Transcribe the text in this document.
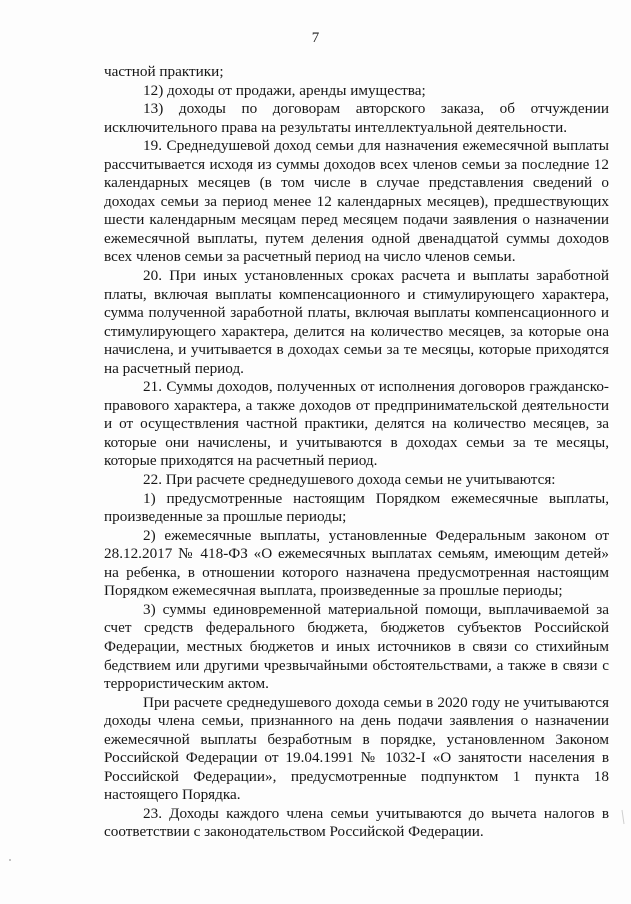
7

частной практики;

12) доходы от продажи, аренды имущества;

13) доходы по договорам авторского заказа, об отчуждении исключительного права на результаты интеллектуальной деятельности.

19. Среднедушевой доход семьи для назначения ежемесячной выплаты рассчитывается исходя из суммы доходов всех членов семьи за последние 12 календарных месяцев (в том числе в случае представления сведений о доходах семьи за период менее 12 календарных месяцев), предшествующих шести календарным месяцам перед месяцем подачи заявления о назначении ежемесячной выплаты, путем деления одной двенадцатой суммы доходов всех членов семьи за расчетный период на число членов семьи.

20. При иных установленных сроках расчета и выплаты заработной платы, включая выплаты компенсационного и стимулирующего характера, сумма полученной заработной платы, включая выплаты компенсационного и стимулирующего характера, делится на количество месяцев, за которые она начислена, и учитывается в доходах семьи за те месяцы, которые приходятся на расчетный период.

21. Суммы доходов, полученных от исполнения договоров гражданско-правового характера, а также доходов от предпринимательской деятельности и от осуществления частной практики, делятся на количество месяцев, за которые они начислены, и учитываются в доходах семьи за те месяцы, которые приходятся на расчетный период.

22. При расчете среднедушевого дохода семьи не учитываются:

1) предусмотренные настоящим Порядком ежемесячные выплаты, произведенные за прошлые периоды;

2) ежемесячные выплаты, установленные Федеральным законом от 28.12.2017 № 418-ФЗ «О ежемесячных выплатах семьям, имеющим детей» на ребенка, в отношении которого назначена предусмотренная настоящим Порядком ежемесячная выплата, произведенные за прошлые периоды;

3) суммы единовременной материальной помощи, выплачиваемой за счет средств федерального бюджета, бюджетов субъектов Российской Федерации, местных бюджетов и иных источников в связи со стихийным бедствием или другими чрезвычайными обстоятельствами, а также в связи с террористическим актом.

При расчете среднедушевого дохода семьи в 2020 году не учитываются доходы члена семьи, признанного на день подачи заявления о назначении ежемесячной выплаты безработным в порядке, установленном Законом Российской Федерации от 19.04.1991 № 1032-I «О занятости населения в Российской Федерации», предусмотренные подпунктом 1 пункта 18 настоящего Порядка.

23. Доходы каждого члена семьи учитываются до вычета налогов в соответствии с законодательством Российской Федерации.
